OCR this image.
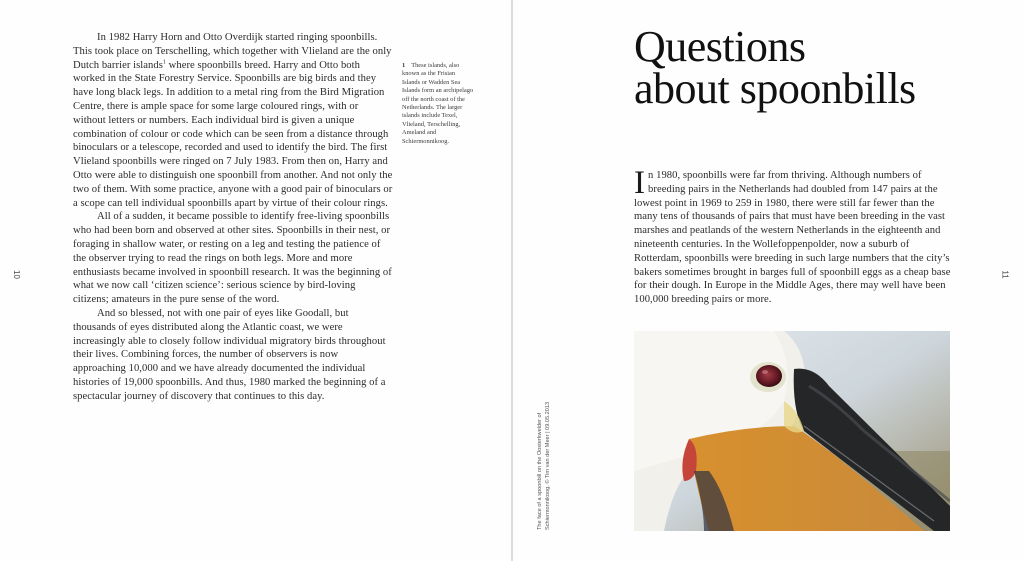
In 1982 Harry Horn and Otto Overdijk started ringing spoonbills. This took place on Terschelling, which together with Vlieland are the only Dutch barrier islands$^1$ where spoonbills breed. Harry and Otto both worked in the State Forestry Service. Spoonbills are big birds and they have long black legs. In addition to a metal ring from the Bird Migration Centre, there is ample space for some large coloured rings, with or without letters or numbers. Each individual bird is given a unique combination of colour or code which can be seen from a distance through binoculars or a telescope, recorded and used to identify the bird. The first Vlieland spoonbills were ringed on 7 July 1983. From then on, Harry and Otto were able to distinguish one spoonbill from another. And not only the two of them. With some practice, anyone with a good pair of binoculars or a scope can tell individual spoonbills apart by virtue of their colour rings.

All of a sudden, it became possible to identify free-living spoonbills who had been born and observed at other sites. Spoonbills in their nest, or foraging in shallow water, or resting on a leg and testing the patience of the observer trying to read the rings on both legs. More and more enthusiasts became involved in spoonbill research. It was the beginning of what we now call ‘citizen science’: serious science by bird-loving citizens; amateurs in the pure sense of the word.

And so blessed, not with one pair of eyes like Goodall, but thousands of eyes distributed along the Atlantic coast, we were increasingly able to closely follow individual migratory birds throughout their lives. Combining forces, the number of observers is now approaching 10,000 and we have already documented the individual histories of 19,000 spoonbills. And thus, 1980 marked the beginning of a spectacular journey of discovery that continues to this day.

1 These islands, also known as the Frisian Islands or Wadden Sea Islands form an archipelago off the north coast of the Netherlands. The larger islands include Texel, Vlieland, Terschelling, Ameland and Schiermonnikoog.
10
Questions
about spoonbills

In 1980, spoonbills were far from thriving. Although numbers of breeding pairs in the Netherlands had doubled from 147 pairs at the lowest point in 1969 to 259 in 1980, there were still far fewer than the many tens of thousands of pairs that must have been breeding in the vast marshes and peatlands of the western Netherlands in the eighteenth and nineteenth centuries. In the Wollefoppenpolder, now a suburb of Rotterdam, spoonbills were breeding in such large numbers that the city’s bakers sometimes brought in barges full of spoonbill eggs as a cheap base for their dough. In Europe in the Middle Ages, there may well have been 100,000 breeding pairs or more.

The face of a spoonbill on the Oosterkwelder of Schiermonnikoog. © Tim van der Meer | 09.05.2013
11
